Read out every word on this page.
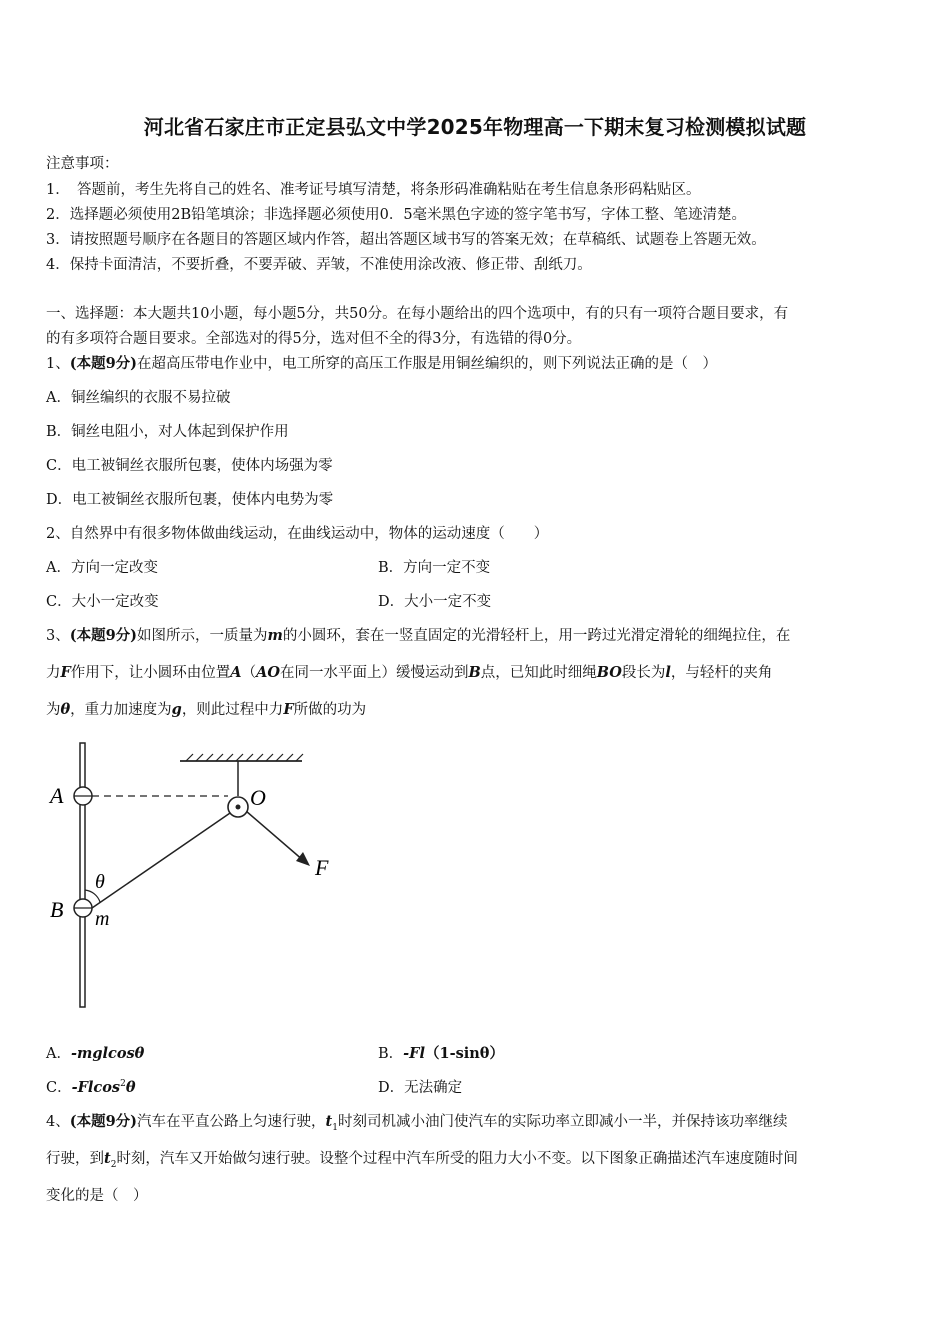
河北省石家庄市正定县弘文中学2025年物理高一下期末复习检测模拟试题
注意事项：
1．　答题前，考生先将自己的姓名、准考证号填写清楚，将条形码准确粘贴在考生信息条形码粘贴区。
2．选择题必须使用2B铅笔填涂；非选择题必须使用0．5毫米黑色字迹的签字笔书写，字体工整、笔迹清楚。
3．请按照题号顺序在各题目的答题区域内作答，超出答题区域书写的答案无效；在草稿纸、试题卷上答题无效。
4．保持卡面清洁，不要折叠，不要弄破、弄皱，不准使用涂改液、修正带、刮纸刀。
一、选择题：本大题共10小题，每小题5分，共50分。在每小题给出的四个选项中，有的只有一项符合题目要求，有
的有多项符合题目要求。全部选对的得5分，选对但不全的得3分，有选错的得0分。
1、(本题9分)在超高压带电作业中，电工所穿的高压工作服是用铜丝编织的，则下列说法正确的是（　）
A．铜丝编织的衣服不易拉破
B．铜丝电阻小，对人体起到保护作用
C．电工被铜丝衣服所包裹，使体内场强为零
D．电工被铜丝衣服所包裹，使体内电势为零
2、自然界中有很多物体做曲线运动，在曲线运动中，物体的运动速度（　　）
A．方向一定改变	B．方向一定不变
C．大小一定改变	D．大小一定不变
3、(本题9分)如图所示，一质量为m的小圆环，套在一竖直固定的光滑轻杆上，用一跨过光滑定滑轮的细绳拉住，在
力F作用下，让小圆环由位置A（AO在同一水平面上）缓慢运动到B点，已知此时细绳BO段长为l，与轻杆的夹角
为θ，重力加速度为g，则此过程中力F所做的功为
A
B
O
F
θ
m
A．-mglcosθ	B．-Fl（1-sinθ）
C．-Flcos$^2$θ	D．无法确定
4、(本题9分)汽车在平直公路上匀速行驶，$t_1$时刻司机减小油门使汽车的实际功率立即减小一半，并保持该功率继续
行驶，到$t_2$时刻，汽车又开始做匀速行驶。设整个过程中汽车所受的阻力大小不变。以下图象正确描述汽车速度随时间
变化的是（　）
